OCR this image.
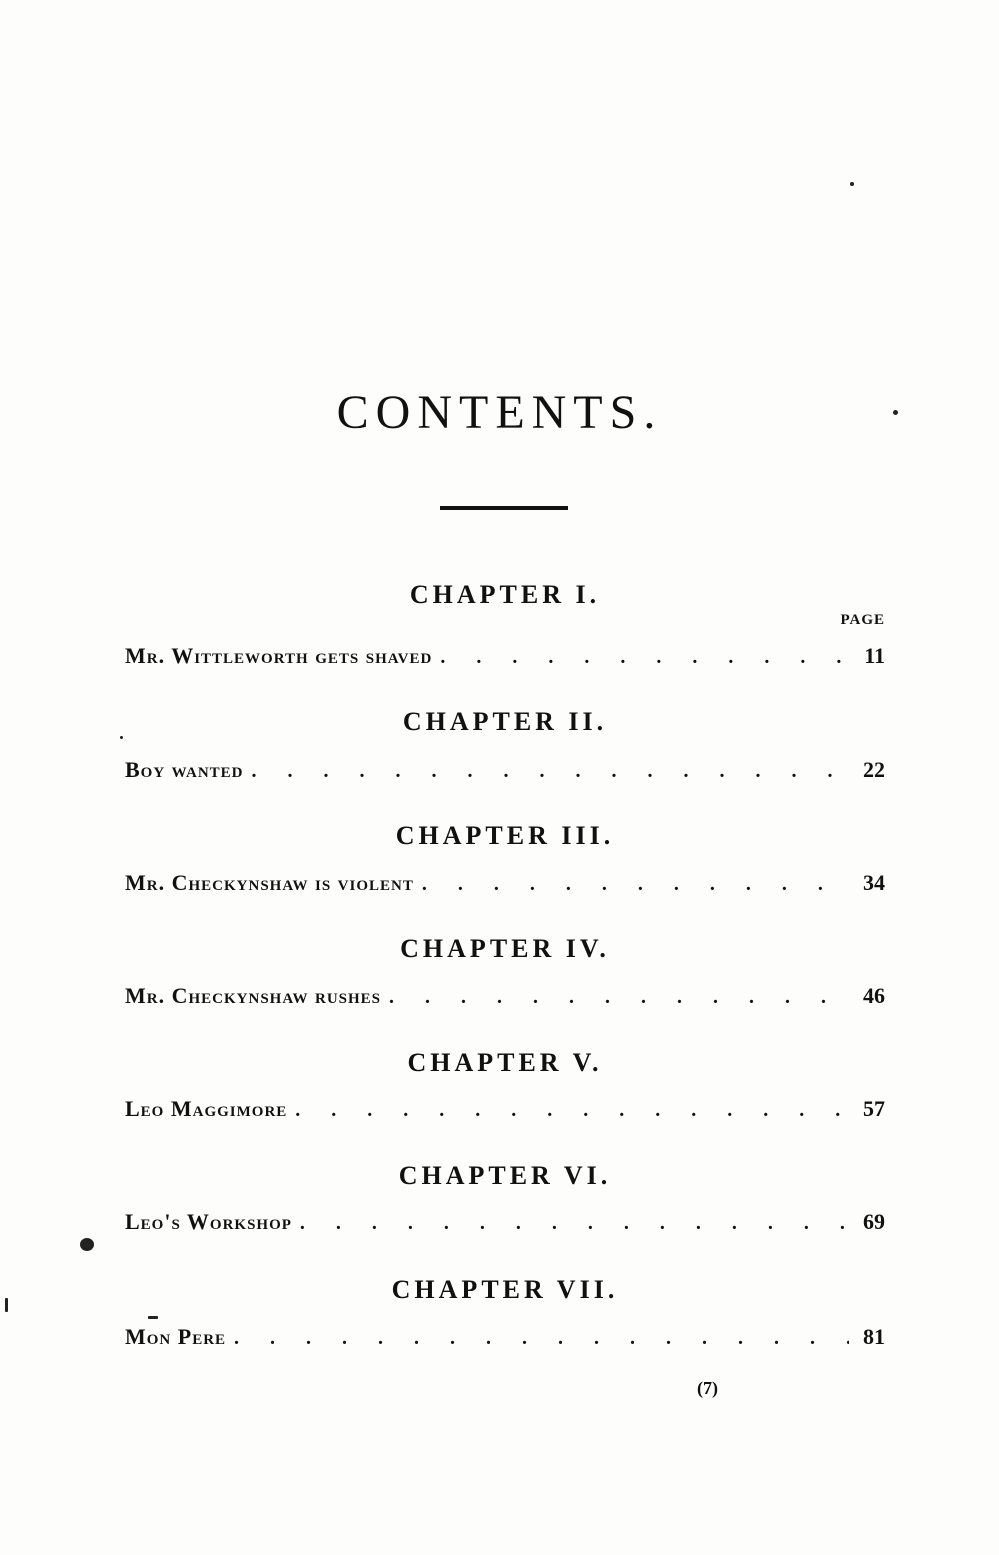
CONTENTS.
CHAPTER I.
PAGE
Mr. Wittleworth gets shaved . . .	11
CHAPTER II.
Boy wanted . . .	22
CHAPTER III.
Mr. Checkynshaw is violent . . .	34
CHAPTER IV.
Mr. Checkynshaw rushes . . .	46
CHAPTER V.
Leo Maggimore . . .	57
CHAPTER VI.
Leo's Workshop . . .	69
CHAPTER VII.
Mon Pere . . .	81
(7)
